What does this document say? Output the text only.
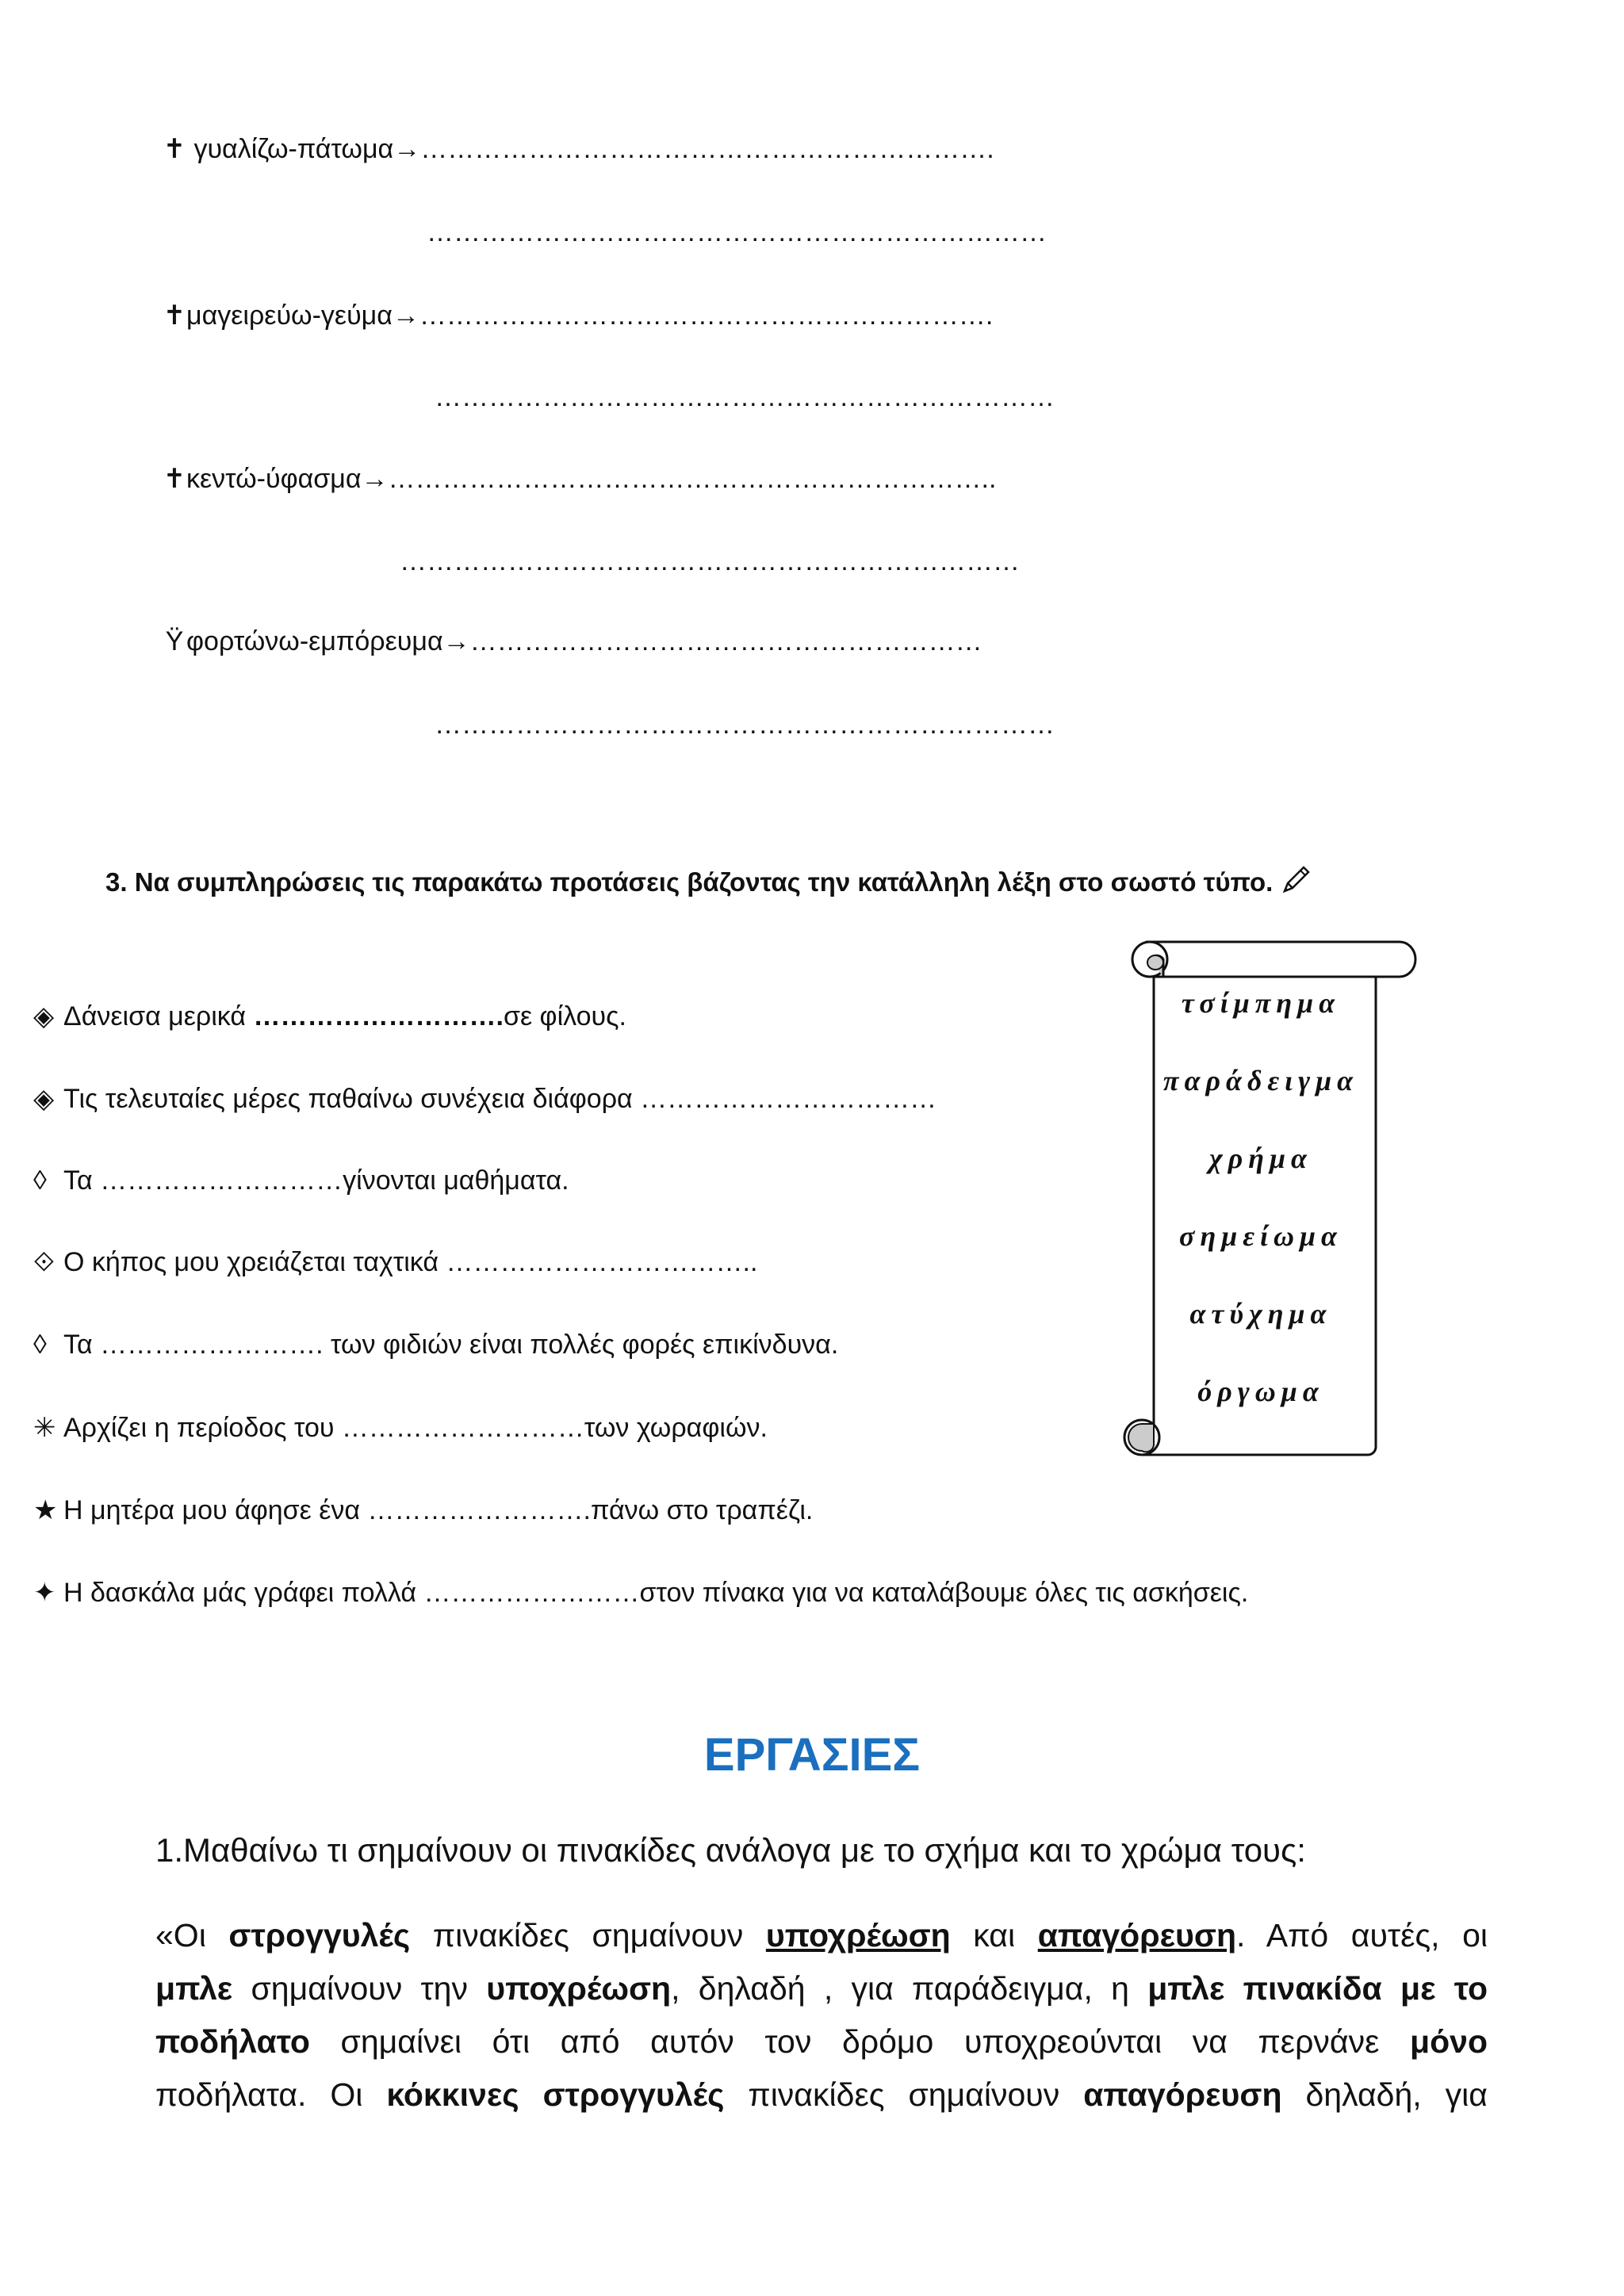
✝ γυαλίζω-πάτωμα→……………………………………………………….
……………………………………………………………
✝μαγειρεύω-γεύμα→……………………………………………………….
……………………………………………………………
✝κεντώ-ύφασμα→…………………………………………………………..
……………………………………………………………
Ÿ φορτώνω-εμπόρευμα→…………………………………………………
……………………………………………………………
3. Να συμπληρώσεις τις παρακάτω προτάσεις βάζοντας την κατάλληλη λέξη στο σωστό τύπο.
◈ Δάνεισα μερικά ……………………….σε φίλους.
◈ Τις τελευταίες μέρες παθαίνω συνέχεια διάφορα ……………………………
◊ Τα ………………………γίνονται μαθήματα.
⟐ Ο κήπος μου χρειάζεται ταχτικά ……………………………..
◊ Τα ……………………. των φιδιών είναι πολλές φορές επικίνδυνα.
✳ Αρχίζει η περίοδος του ………………………των χωραφιών.
★ Η μητέρα μου άφησε ένα …………………….πάνω στο τραπέζι.
✦ Η δασκάλα μάς γράφει πολλά ……………………στον πίνακα για να καταλάβουμε όλες τις ασκήσεις.
τσίμπημα
παράδειγμα
χρήμα
σημείωμα
ατύχημα
όργωμα
ΕΡΓΑΣΙΕΣ
1.Μαθαίνω τι σημαίνουν οι πινακίδες ανάλογα με το σχήμα και το χρώμα τους:
«Οι στρογγυλές πινακίδες σημαίνουν υποχρέωση και απαγόρευση. Από αυτές, οι
μπλε σημαίνουν την υποχρέωση, δηλαδή , για παράδειγμα, η μπλε πινακίδα με το
ποδήλατο σημαίνει ότι από αυτόν τον δρόμο υποχρεούνται να περνάνε μόνο
ποδήλατα. Οι κόκκινες στρογγυλές πινακίδες σημαίνουν απαγόρευση δηλαδή, για
